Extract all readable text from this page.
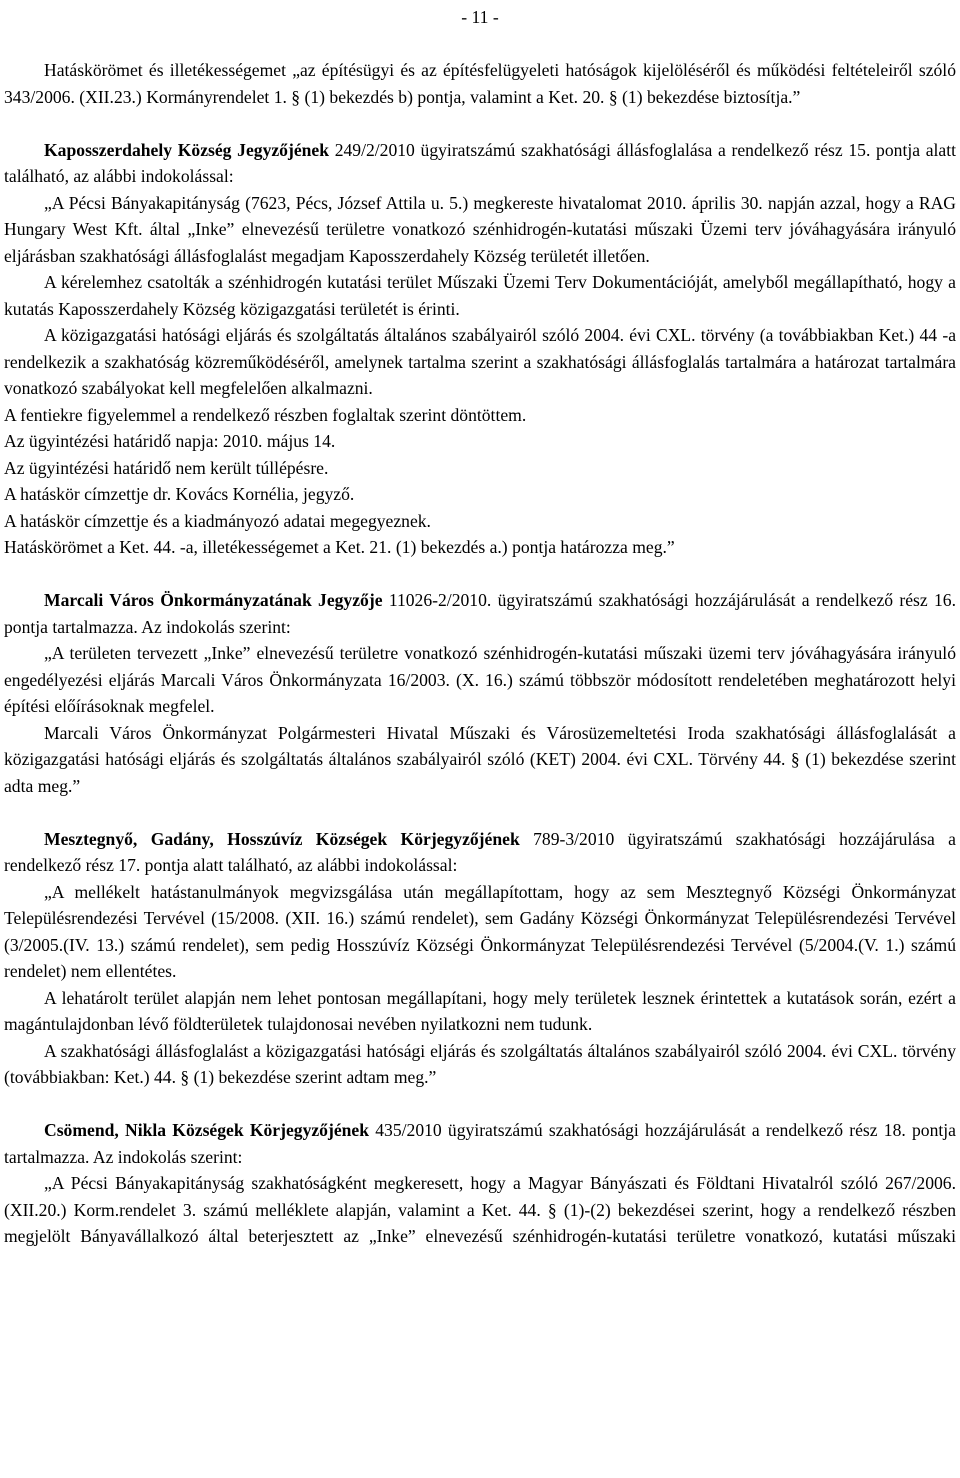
- 11 -

Hatáskörömet és illetékességemet „az építésügyi és az építésfelügyeleti hatóságok kijelöléséről és működési feltételeiről szóló 343/2006. (XII.23.) Kormányrendelet 1. § (1) bekezdés b) pontja, valamint a Ket. 20. § (1) bekezdése biztosítja.”

Kaposszerdahely Község Jegyzőjének 249/2/2010 ügyiratszámú szakhatósági állásfoglalása a rendelkező rész 15. pontja alatt található, az alábbi indokolással:

„A Pécsi Bányakapitányság (7623, Pécs, József Attila u. 5.) megkereste hivatalomat 2010. április 30. napján azzal, hogy a RAG Hungary West Kft. által „Inke” elnevezésű területre vonatkozó szénhidrogén-kutatási műszaki Üzemi terv jóváhagyására irányuló eljárásban szakhatósági állásfoglalást megadjam Kaposszerdahely Község területét illetően.

A kérelemhez csatolták a szénhidrogén kutatási terület Műszaki Üzemi Terv Dokumentációját, amelyből megállapítható, hogy a kutatás Kaposszerdahely Község közigazgatási területét is érinti.

A közigazgatási hatósági eljárás és szolgáltatás általános szabályairól szóló 2004. évi CXL. törvény (a továbbiakban Ket.) 44 -a rendelkezik a szakhatóság közreműködéséről, amelynek tartalma szerint a szakhatósági állásfoglalás tartalmára a határozat tartalmára vonatkozó szabályokat kell megfelelően alkalmazni.

A fentiekre figyelemmel a rendelkező részben foglaltak szerint döntöttem.

Az ügyintézési határidő napja: 2010. május 14.

Az ügyintézési határidő nem került túllépésre.

A hatáskör címzettje dr. Kovács Kornélia, jegyző.

A hatáskör címzettje és a kiadmányozó adatai megegyeznek.

Hatáskörömet a Ket. 44. -a, illetékességemet a Ket. 21. (1) bekezdés a.) pontja határozza meg.”

Marcali Város Önkormányzatának Jegyzője 11026-2/2010. ügyiratszámú szakhatósági hozzájárulását a rendelkező rész 16. pontja tartalmazza. Az indokolás szerint:

„A területen tervezett „Inke” elnevezésű területre vonatkozó szénhidrogén-kutatási műszaki üzemi terv jóváhagyására irányuló engedélyezési eljárás Marcali Város Önkormányzata 16/2003. (X. 16.) számú többször módosított rendeletében meghatározott helyi építési előírásoknak megfelel.

Marcali Város Önkormányzat Polgármesteri Hivatal Műszaki és Városüzemeltetési Iroda szakhatósági állásfoglalását a közigazgatási hatósági eljárás és szolgáltatás általános szabályairól szóló (KET) 2004. évi CXL. Törvény 44. § (1) bekezdése szerint adta meg.”

Mesztegnyő, Gadány, Hosszúvíz Községek Körjegyzőjének 789-3/2010 ügyiratszámú szakhatósági hozzájárulása a rendelkező rész 17. pontja alatt található, az alábbi indokolással:

„A mellékelt hatástanulmányok megvizsgálása után megállapítottam, hogy az sem Mesztegnyő Községi Önkormányzat Településrendezési Tervével (15/2008. (XII. 16.) számú rendelet), sem Gadány Községi Önkormányzat Településrendezési Tervével (3/2005.(IV. 13.) számú rendelet), sem pedig Hosszúvíz Községi Önkormányzat Településrendezési Tervével (5/2004.(V. 1.) számú rendelet) nem ellentétes.

A lehatárolt terület alapján nem lehet pontosan megállapítani, hogy mely területek lesznek érintettek a kutatások során, ezért a magántulajdonban lévő földterületek tulajdonosai nevében nyilatkozni nem tudunk.

A szakhatósági állásfoglalást a közigazgatási hatósági eljárás és szolgáltatás általános szabályairól szóló 2004. évi CXL. törvény (továbbiakban: Ket.) 44. § (1) bekezdése szerint adtam meg.”

Csömend, Nikla Községek Körjegyzőjének 435/2010 ügyiratszámú szakhatósági hozzájárulását a rendelkező rész 18. pontja tartalmazza. Az indokolás szerint:

„A Pécsi Bányakapitányság szakhatóságként megkeresett, hogy a Magyar Bányászati és Földtani Hivatalról szóló 267/2006.(XII.20.) Korm.rendelet 3. számú melléklete alapján, valamint a Ket. 44. § (1)-(2) bekezdései szerint, hogy a rendelkező részben megjelölt Bányavállalkozó által beterjesztett az „Inke” elnevezésű szénhidrogén-kutatási területre vonatkozó, kutatási műszaki
